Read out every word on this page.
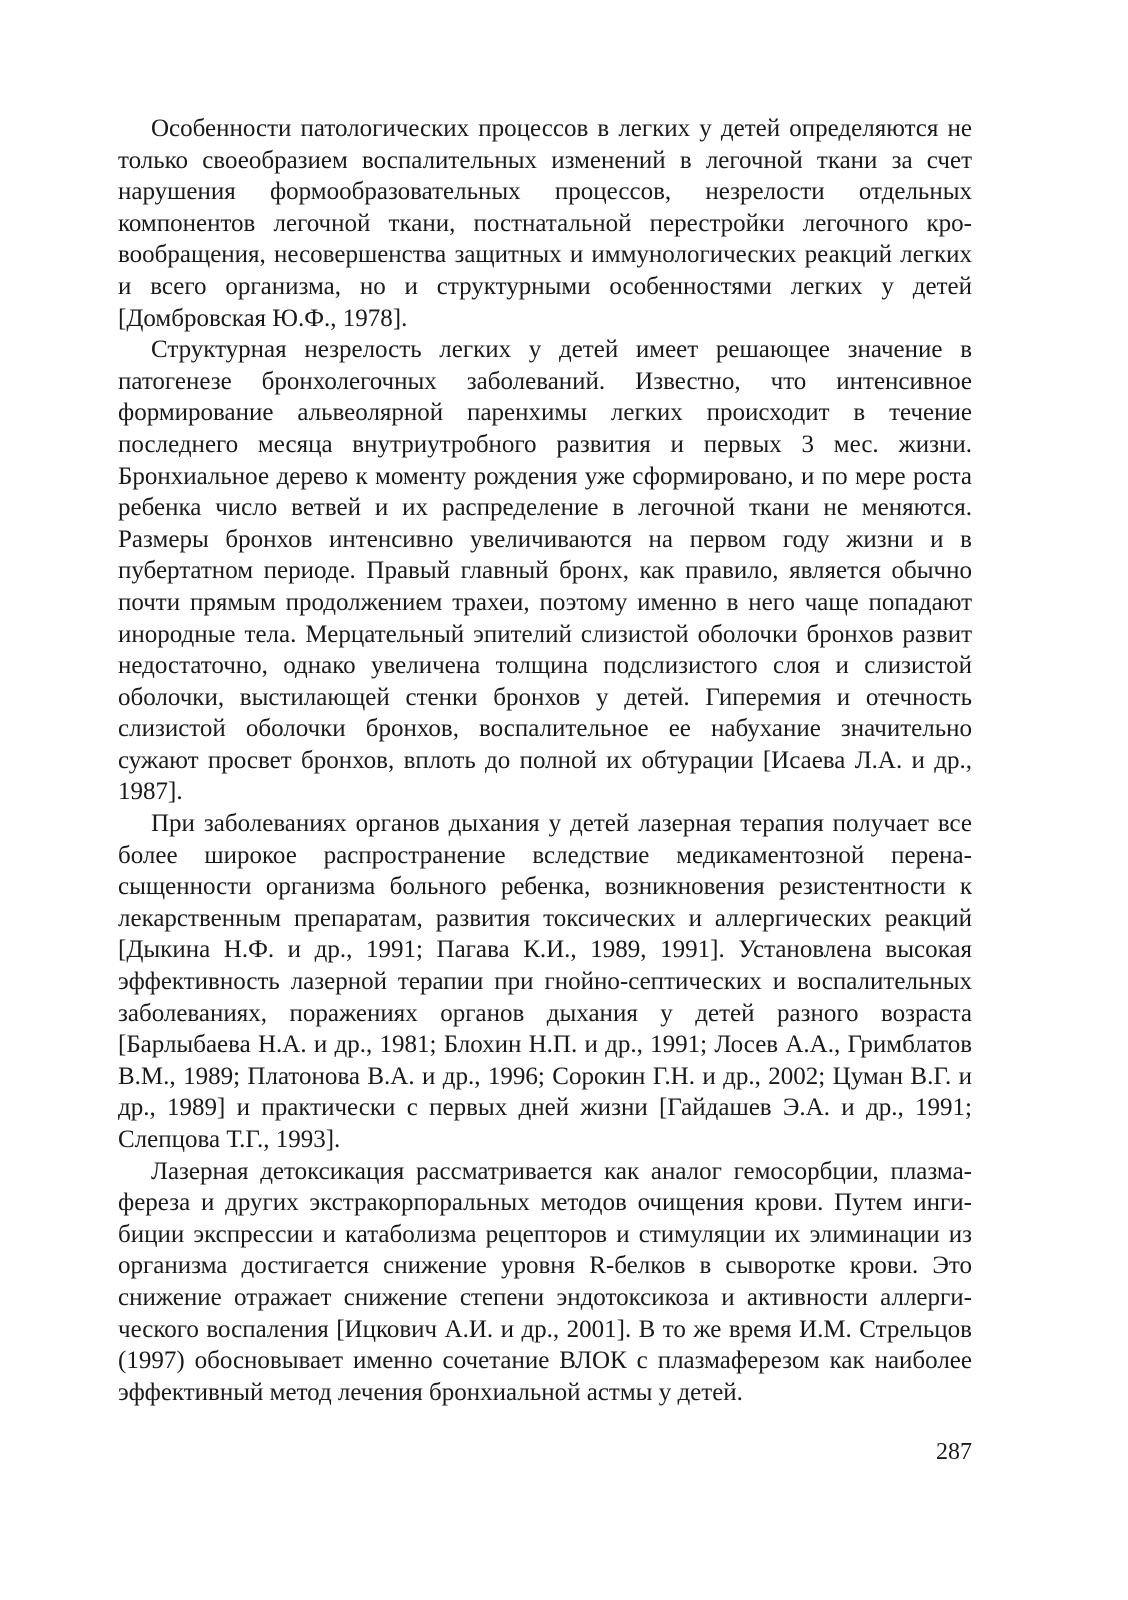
Особенности патологических процессов в легких у детей определяются не только своеобразием воспалительных изменений в легочной ткани за счет нарушения формообразовательных процессов, незрелости отдельных компонентов легочной ткани, постнатальной перестройки легочного кровообращения, несовершенства защитных и иммунологических реакций легких и всего организма, но и структурными особенностями легких у детей [Домбровская Ю.Ф., 1978].

Структурная незрелость легких у детей имеет решающее значение в патогенезе бронхолегочных заболеваний. Известно, что интенсивное формирование альвеолярной паренхимы легких происходит в течение последнего месяца внутриутробного развития и первых 3 мес. жизни. Бронхиальное дерево к моменту рождения уже сформировано, и по мере роста ребенка число ветвей и их распределение в легочной ткани не меняются. Размеры бронхов интенсивно увеличиваются на первом году жизни и в пубертатном периоде. Правый главный бронх, как правило, является обычно почти прямым продолжением трахеи, поэтому именно в него чаще попадают инородные тела. Мерцательный эпителий слизистой оболочки бронхов развит недостаточно, однако увеличена толщина подслизистого слоя и слизистой оболочки, выстилающей стенки бронхов у детей. Гиперемия и отечность слизистой оболочки бронхов, воспалительное ее набухание значительно сужают просвет бронхов, вплоть до полной их обтурации [Исаева Л.А. и др., 1987].

При заболеваниях органов дыхания у детей лазерная терапия получает все более широкое распространение вследствие медикаментозной перенасыщенности организма больного ребенка, возникновения резистентности к лекарственным препаратам, развития токсических и аллергических реакций [Дыкина Н.Ф. и др., 1991; Пагава К.И., 1989, 1991]. Установлена высокая эффективность лазерной терапии при гнойно-септических и воспалительных заболеваниях, поражениях органов дыхания у детей разного возраста [Барлыбаева Н.А. и др., 1981; Блохин Н.П. и др., 1991; Лосев А.А., Гримблатов В.М., 1989; Платонова В.А. и др., 1996; Сорокин Г.Н. и др., 2002; Цуман В.Г. и др., 1989] и практически с первых дней жизни [Гайдашев Э.А. и др., 1991; Слепцова Т.Г., 1993].

Лазерная детоксикация рассматривается как аналог гемосорбции, плазмафереза и других экстракорпоральных методов очищения крови. Путем ингибиции экспрессии и катаболизма рецепторов и стимуляции их элиминации из организма достигается снижение уровня R-белков в сыворотке крови. Это снижение отражает снижение степени эндотоксикоза и активности аллергического воспаления [Ицкович А.И. и др., 2001]. В то же время И.М. Стрельцов (1997) обосновывает именно сочетание ВЛОК с плазмаферезом как наиболее эффективный метод лечения бронхиальной астмы у детей.

287
